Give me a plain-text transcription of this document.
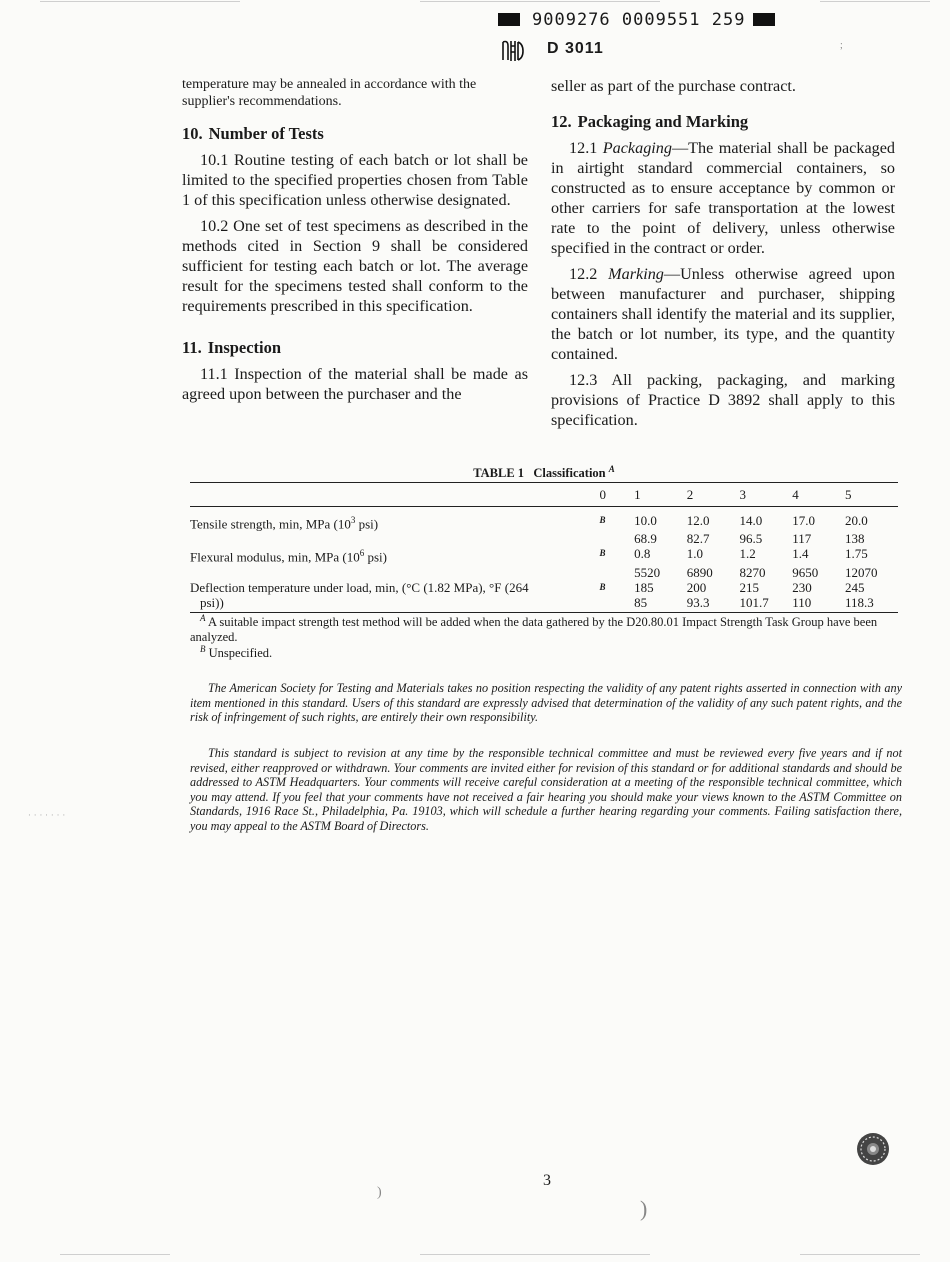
9009276 0009551 259
D 3011

temperature may be annealed in accordance with the supplier's recommendations.

10. Number of Tests

10.1 Routine testing of each batch or lot shall be limited to the specified properties chosen from Table 1 of this specification unless otherwise designated.

10.2 One set of test specimens as described in the methods cited in Section 9 shall be considered sufficient for testing each batch or lot. The average result for the specimens tested shall conform to the requirements prescribed in this specification.

11. Inspection

11.1 Inspection of the material shall be made as agreed upon between the purchaser and the

seller as part of the purchase contract.

12. Packaging and Marking

12.1 Packaging—The material shall be packaged in airtight standard commercial containers, so constructed as to ensure acceptance by common or other carriers for safe transportation at the lowest rate to the point of delivery, unless otherwise specified in the contract or order.

12.2 Marking—Unless otherwise agreed upon between manufacturer and purchaser, shipping containers shall identify the material and its supplier, the batch or lot number, its type, and the quantity contained.

12.3 All packing, packaging, and marking provisions of Practice D 3892 shall apply to this specification.

TABLE 1 Classification $^A$
	0	1	2	3	4	5
Tensile strength, min, MPa ($10^3$ psi)	B	10.0	12.0	14.0	17.0	20.0
		68.9	82.7	96.5	117	138
Flexural modulus, min, MPa ($10^6$ psi)	B	0.8	1.0	1.2	1.4	1.75
		5520	6890	8270	9650	12070
Deflection temperature under load, min, (°C (1.82 MPa), °F (264	B	185	200	215	230	245
psi))		85	93.3	101.7	110	118.3
$^A$ A suitable impact strength test method will be added when the data gathered by the D20.80.01 Impact Strength Task Group have been analyzed.
$^B$ Unspecified.
The American Society for Testing and Materials takes no position respecting the validity of any patent rights asserted in connection with any item mentioned in this standard. Users of this standard are expressly advised that determination of the validity of any such patent rights, and the risk of infringement of such rights, are entirely their own responsibility.
This standard is subject to revision at any time by the responsible technical committee and must be reviewed every five years and if not revised, either reapproved or withdrawn. Your comments are invited either for revision of this standard or for additional standards and should be addressed to ASTM Headquarters. Your comments will receive careful consideration at a meeting of the responsible technical committee, which you may attend. If you feel that your comments have not received a fair hearing you should make your views known to the ASTM Committee on Standards, 1916 Race St., Philadelphia, Pa. 19103, which will schedule a further hearing regarding your comments. Failing satisfaction there, you may appeal to the ASTM Board of Directors.
3
· · · · · · ·
)
)
;
